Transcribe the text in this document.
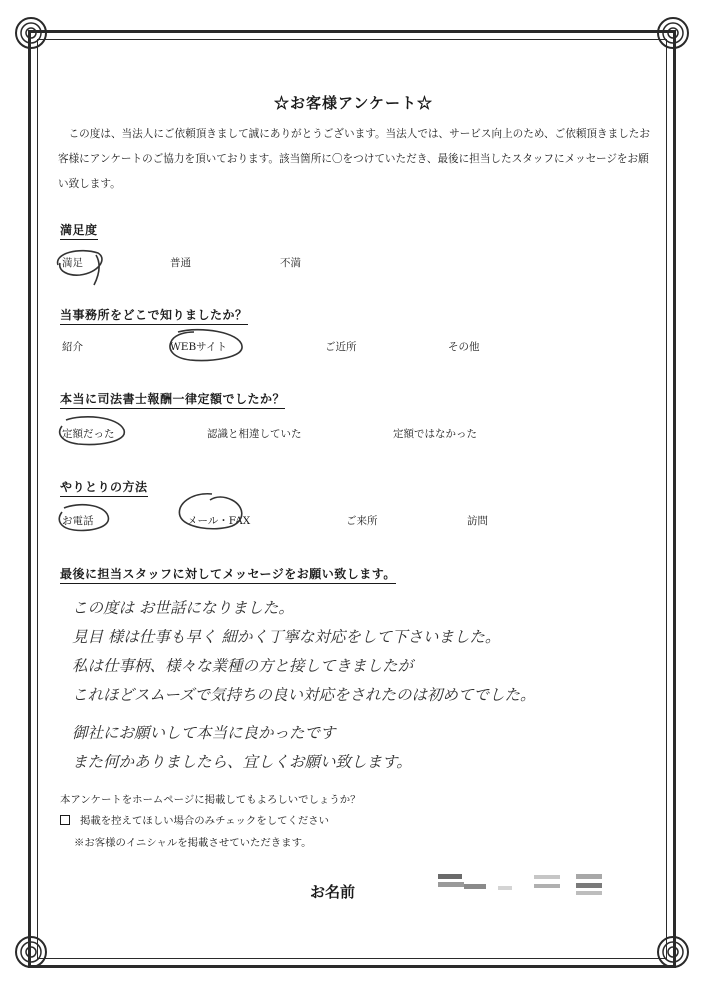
☆お客様アンケート☆
この度は、当法人にご依頼頂きまして誠にありがとうございます。当法人では、サービス向上のため、ご依頼頂きましたお客様にアンケートのご協力を頂いております。該当箇所に〇をつけていただき、最後に担当したスタッフにメッセージをお願い致します。
満足度
満足	普通	不満
当事務所をどこで知りましたか？
紹介	WEBサイト	ご近所	その他
本当に司法書士報酬一律定額でしたか？
定額だった	認識と相違していた	定額ではなかった
やりとりの方法
お電話	メール・FAX	ご来所	訪問
最後に担当スタッフに対してメッセージをお願い致します。
この度は お世話になりました。
見目 様は仕事も早く 細かく丁寧な対応をして下さいました。
私は仕事柄、様々な業種の方と接してきましたが
これほどスムーズで気持ちの良い対応をされたのは初めてでした。
御社にお願いして本当に良かったです
また何かありましたら、宜しくお願い致します。
本アンケートをホームページに掲載してもよろしいでしょうか？
掲載を控えてほしい場合のみチェックをしてください
※お客様のイニシャルを掲載させていただきます。
お名前
